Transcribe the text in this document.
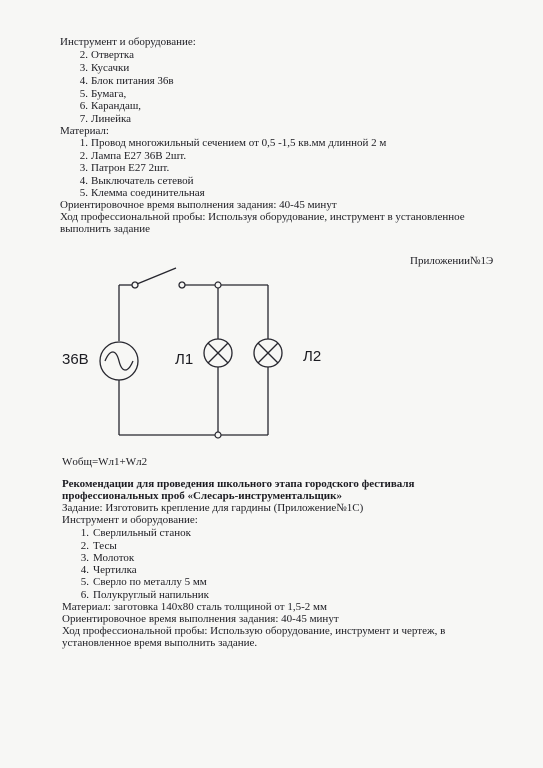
Инструмент и оборудование:
2. Отвертка
3. Кусачки
4. Блок питания 36в
5. Бумага,
6. Карандаш,
7. Линейка
Материал:
1. Провод многожильный сечением от 0,5 -1,5 кв.мм длинной 2 м
2. Лампа Е27 36В 2шт.
3. Патрон Е27 2шт.
4. Выключатель сетевой
5. Клемма соединительная
Ориентировочное время выполнения задания: 40-45 минут
Ход профессиональной пробы: Используя оборудование, инструмент в установленное
выполнить задание
Приложении№1Э
36В	Л1	Л2
Wобщ=Wл1+Wл2
Рекомендации для проведения школьного этапа городского фестиваля
профессиональных проб «Слесарь-инструментальщик»
Задание: Изготовить крепление для гардины (Приложение№1С)
Инструмент и оборудование:
1. Сверлильный станок
2. Тесы
3. Молоток
4. Чертилка
5. Сверло по металлу 5 мм
6. Полукруглый напильник
Материал: заготовка 140х80 сталь толщиной от 1,5-2 мм
Ориентировочное время выполнения задания: 40-45 минут
Ход профессиональной пробы: Использую оборудование, инструмент и чертеж, в
установленное время выполнить задание.
